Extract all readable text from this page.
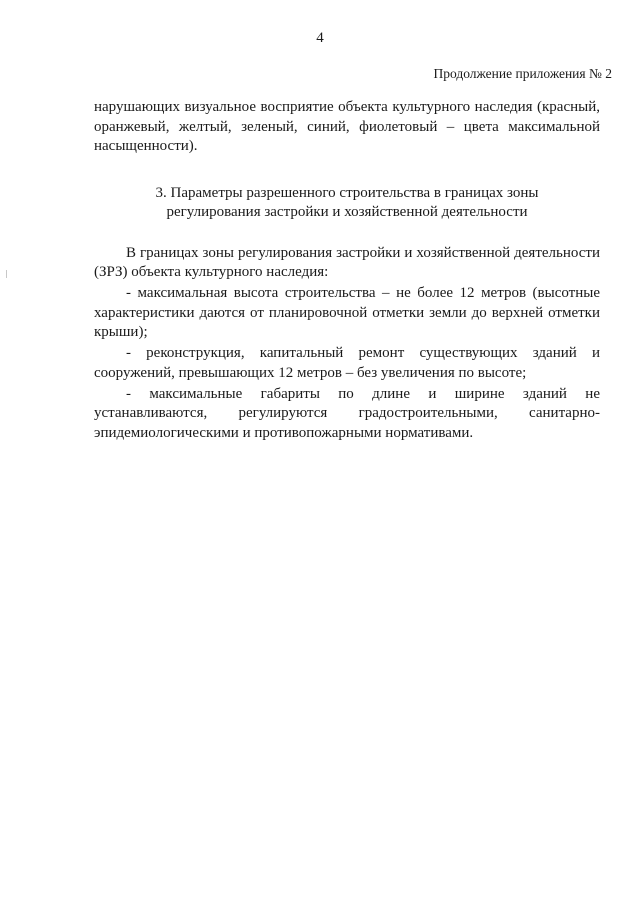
4
Продолжение приложения № 2

нарушающих визуальное восприятие объекта культурного наследия (красный, оранжевый, желтый, зеленый, синий, фиолетовый – цвета максимальной насыщенности).

3. Параметры разрешенного строительства в границах зоны
регулирования застройки и хозяйственной деятельности

В границах зоны регулирования застройки и хозяйственной деятельности (ЗРЗ) объекта культурного наследия:

- максимальная высота строительства – не более 12 метров (высотные характеристики даются от планировочной отметки земли до верхней отметки крыши);

- реконструкция, капитальный ремонт существующих зданий и сооружений, превышающих 12 метров – без увеличения по высоте;

- максимальные габариты по длине и ширине зданий не устанавливаются, регулируются градостроительными, санитарно-эпидемиологическими и противопожарными нормативами.
